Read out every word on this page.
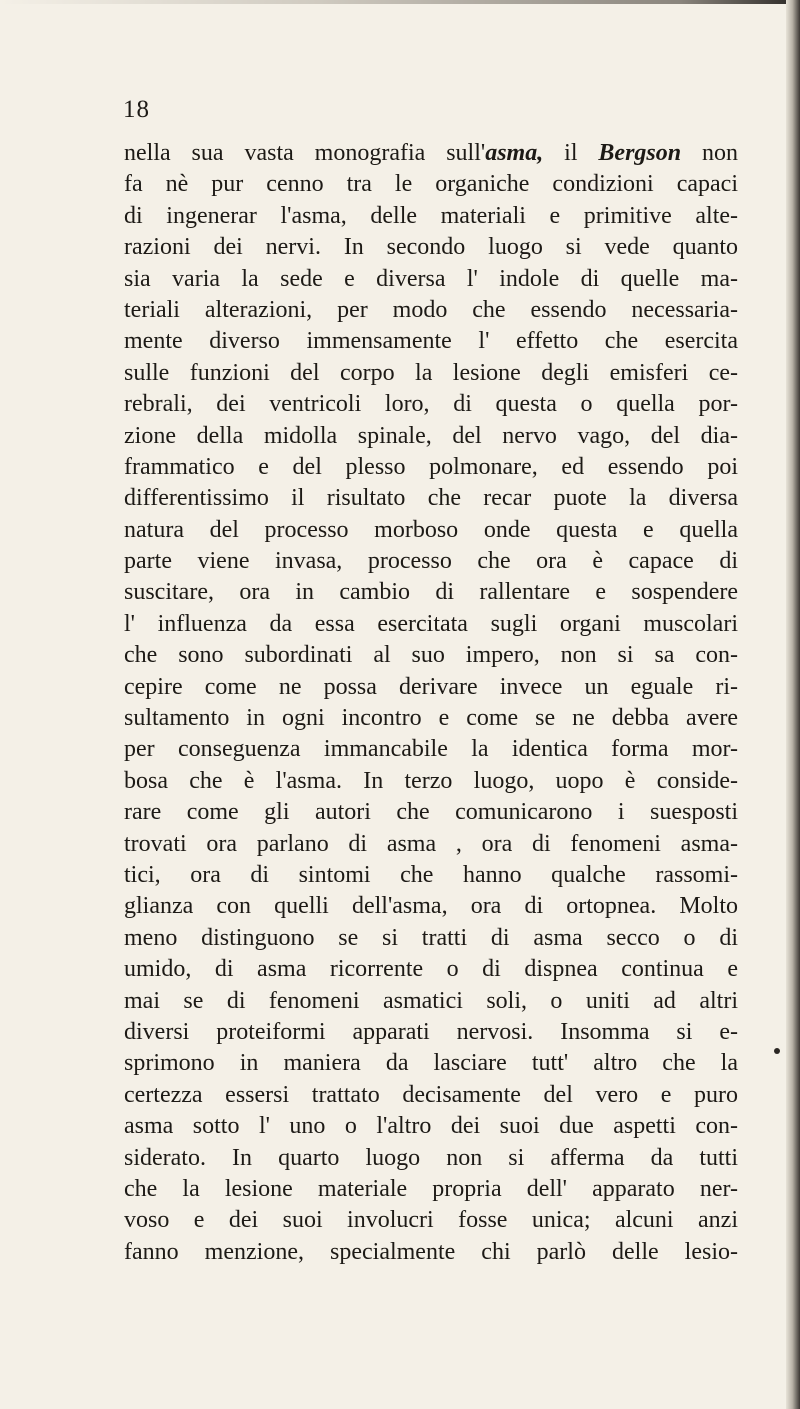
18
nella sua vasta monografia sull'asma, il Bergson non
fa nè pur cenno tra le organiche condizioni capaci
di ingenerar l'asma, delle materiali e primitive alte-
razioni dei nervi. In secondo luogo si vede quanto
sia varia la sede e diversa l' indole di quelle ma-
teriali alterazioni, per modo che essendo necessaria-
mente diverso immensamente l' effetto che esercita
sulle funzioni del corpo la lesione degli emisferi ce-
rebrali, dei ventricoli loro, di questa o quella por-
zione della midolla spinale, del nervo vago, del dia-
frammatico e del plesso polmonare, ed essendo poi
differentissimo il risultato che recar puote la diversa
natura del processo morboso onde questa e quella
parte viene invasa, processo che ora è capace di
suscitare, ora in cambio di rallentare e sospendere
l' influenza da essa esercitata sugli organi muscolari
che sono subordinati al suo impero, non si sa con-
cepire come ne possa derivare invece un eguale ri-
sultamento in ogni incontro e come se ne debba avere
per conseguenza immancabile la identica forma mor-
bosa che è l'asma. In terzo luogo, uopo è conside-
rare come gli autori che comunicarono i suesposti
trovati ora parlano di asma , ora di fenomeni asma-
tici, ora di sintomi che hanno qualche rassomi-
glianza con quelli dell'asma, ora di ortopnea. Molto
meno distinguono se si tratti di asma secco o di
umido, di asma ricorrente o di dispnea continua e
mai se di fenomeni asmatici soli, o uniti ad altri
diversi proteiformi apparati nervosi. Insomma si e-
sprimono in maniera da lasciare tutt' altro che la
certezza essersi trattato decisamente del vero e puro
asma sotto l' uno o l'altro dei suoi due aspetti con-
siderato. In quarto luogo non si afferma da tutti
che la lesione materiale propria dell' apparato ner-
voso e dei suoi involucri fosse unica; alcuni anzi
fanno menzione, specialmente chi parlò delle lesio-
